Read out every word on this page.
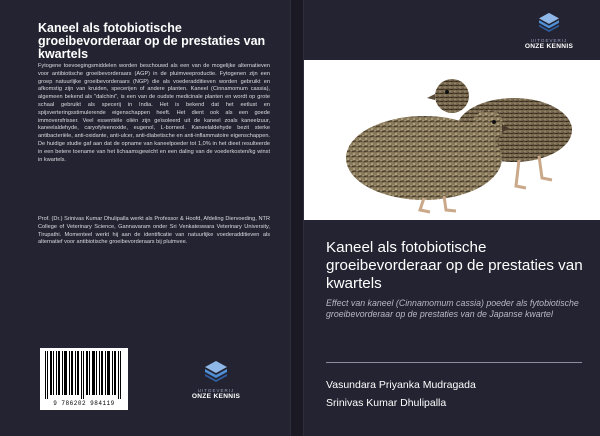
Kaneel als fotobiotische groeibevorderaar op de prestaties van kwartels
Fytogene toevoegingsmiddelen worden beschouwd als een van de mogelijke alternatieven voor antibiotische groeibevorderaars (AGP) in de pluimveeproductie. Fytogenen zijn een groep natuurlijke groeibevorderaars (NGP) die als voederadditieven worden gebruikt en afkomstig zijn van kruiden, specerijen of andere planten. Kaneel (Cinnamomum cassia), algemeen bekend als "dalchini", is een van de oudste medicinale planten en wordt op grote schaal gebruikt als specerij in India. Het is bekend dat het eetlust en spijsverteringsstimulerende eigenschappen heeft. Het dient ook als een goede immoversfrisser. Veel essentiële oliën zijn geïsoleerd uit de kaneel zoals kaneelzuur, kaneelaldehyde, caryofyleenoxide, eugenol, L-borneol. Kaneelaldehyde bezit sterke antibacteriële, anti-oxidante, anti-ulcer, anti-diabetische en anti-inflammatoire eigenschappen. De huidige studie gaf aan dat de opname van kaneelpoeder tot 1,0% in het dieet resulteerde in een betere toename van het lichaamsgewicht en een daling van de voederkosten/kg winst in kwartels.
Prof. (Dr.) Srinivas Kumar Dhulipalla werkt als Professor & Hoofd, Afdeling Diervoeding, NTR College of Veterinary Science, Gannavaram onder Sri Venkateswara Veterinary University, Tirupathi. Momenteel werkt hij aan de identificatie van natuurlijke voederadditieven als alternatief voor antibiotische groeibevorderaars bij pluimvee.
9 786202 984119
UITGEVERIJ
ONZE KENNIS
UITGEVERIJ
ONZE KENNIS
Kaneel als fotobiotische groeibevorderaar op de prestaties van kwartels
Effect van kaneel (Cinnamomum cassia) poeder als fytobiotische groeibevorderaar op de prestaties van de Japanse kwartel
Vasundara Priyanka Mudragada
Srinivas Kumar Dhulipalla
